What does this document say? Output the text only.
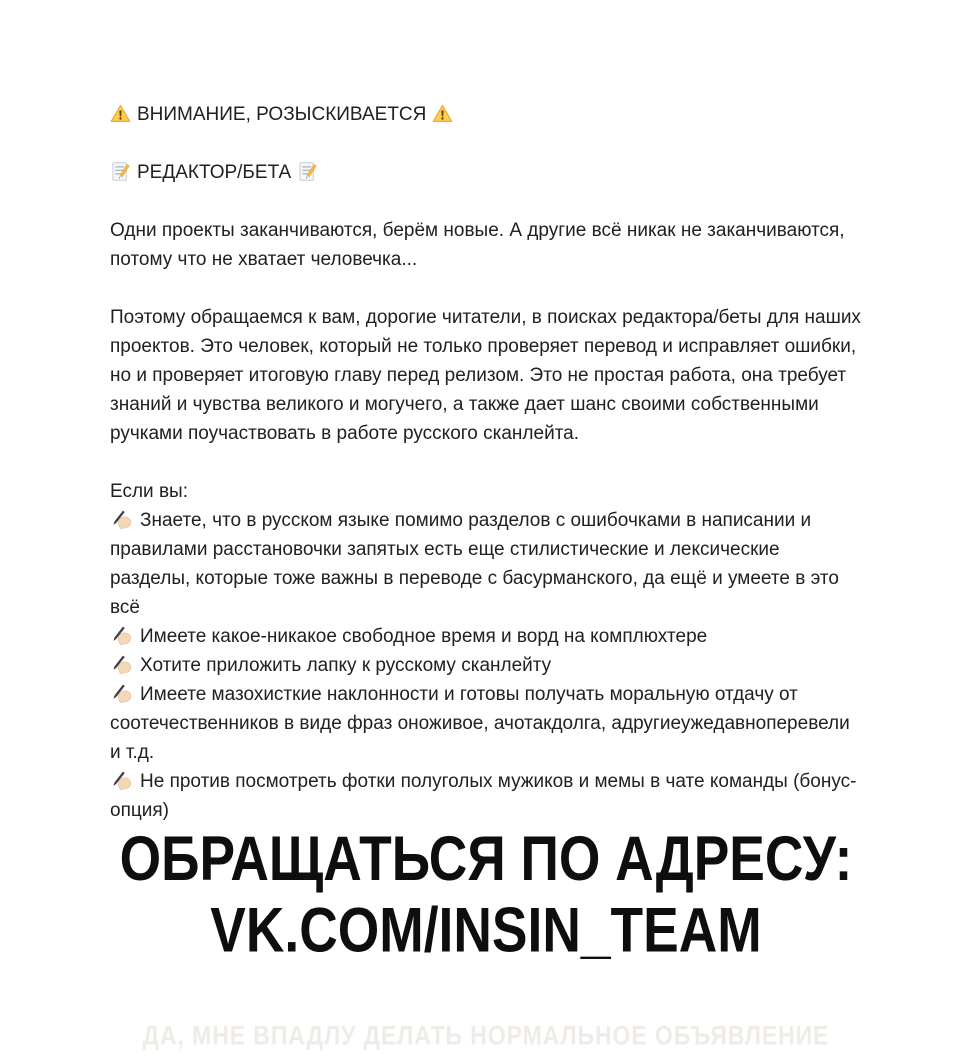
ВНИМАНИЕ, РОЗЫСКИВАЕТСЯ
РЕДАКТОР/БЕТА

Одни проекты заканчиваются, берём новые. А другие всё никак не заканчиваются, потому что не хватает человечка...

Поэтому обращаемся к вам, дорогие читатели, в поисках редактора/беты для наших проектов. Это человек, который не только проверяет перевод и исправляет ошибки, но и проверяет итоговую главу перед релизом. Это не простая работа, она требует знаний и чувства великого и могучего, а также дает шанс своими собственными ручками поучаствовать в работе русского сканлейта.

Если вы:
Знаете, что в русском языке помимо разделов с ошибочками в написании и правилами расстановочки запятых есть еще стилистические и лексические разделы, которые тоже важны в переводе с басурманского, да ещё и умеете в это всё
Имеете какое-никакое свободное время и ворд на комплюхтере
Хотите приложить лапку к русскому сканлейту
Имеете мазохисткие наклонности и готовы получать моральную отдачу от соотечественников в виде фраз оноживое, ачотакдолга, адругиеужедавноперевели и т.д.
Не против посмотреть фотки полуголых мужиков и мемы в чате команды (бонус-опция)
ОБРАЩАТЬСЯ ПО АДРЕСУ:
VK.COM/INSIN_TEAM
ДА, МНЕ ВПАДЛУ ДЕЛАТЬ НОРМАЛЬНОЕ ОБЪЯВЛЕНИЕ
